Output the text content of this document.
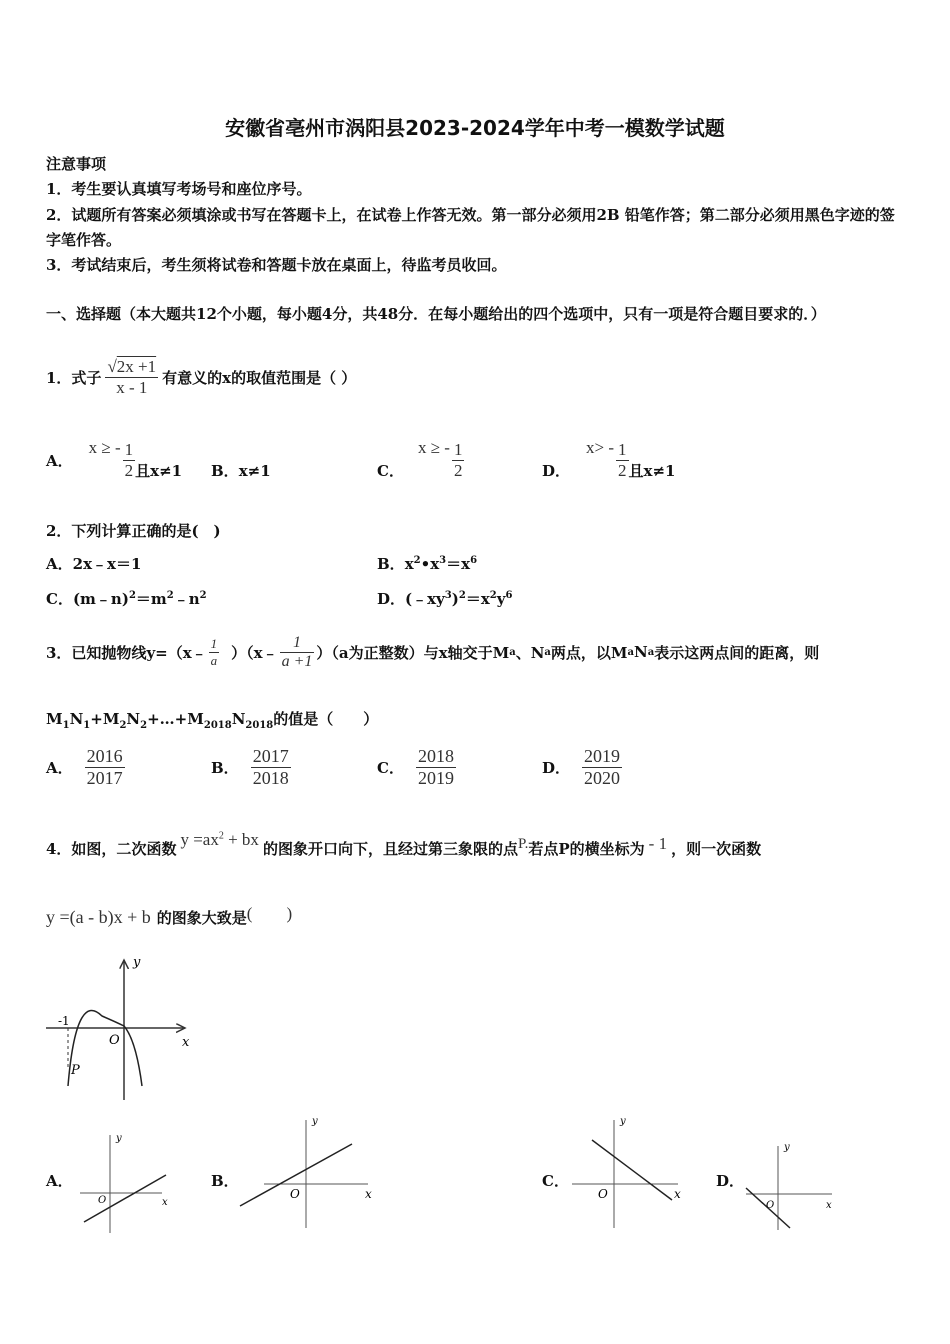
安徽省亳州市涡阳县2023-2024学年中考一模数学试题
注意事项
1．考生要认真填写考场号和座位序号。
2．试题所有答案必须填涂或书写在答题卡上，在试卷上作答无效。第一部分必须用2B 铅笔作答；第二部分必须用黑色字迹的签字笔作答。
3．考试结束后，考生须将试卷和答题卡放在桌面上，待监考员收回。
一、选择题（本大题共12个小题，每小题4分，共48分．在每小题给出的四个选项中，只有一项是符合题目要求的．）
1．式子 $\frac{√2x +1}{x - 1}$ 有意义的x的取值范围是（ ）
A．
x ≥ - $\frac{1}{2}$ 且x≠1 B．x≠1	C．
x ≥ - $\frac{1}{2}$	D．
$x> - \frac{1}{2}$ 且x≠1
2．下列计算正确的是(　)
A．2x﹣x＝1	B．$x^2•x^3=x^6$
C．$(m﹣n)^2=m^2﹣n^2$	D．$(﹣xy^3)^2=x^2y^6$
3．已知抛物线y=（x﹣ $\frac{1}{a}$ ）（x﹣ $\frac{1}{a +1} )(a$为正整数）与x轴交于M a 、N a 两点，以M a N a 表示这两点间的距离，则
$M_1N_1+M_2N_2+\dots+M_{2018}N_{2018}$的值是（　　）
A． $\frac{2016}{2017}$	B． $\frac{2017}{2018}$	C． $\frac{2018}{2019}$	D． $\frac{2019}{2020}$
4．如图，二次函数 $y =ax^2$ + bx 的图象开口向下，且经过第三象限的点 P. 若点P的横坐标为 - 1 ，则一次函数
y =(a - b)x + b 的图象大致是 (　　)
y
x
O
-1
P
A．
y
x
O
B．
y
x
O
C．
y
x
O
D．
y
x
O
